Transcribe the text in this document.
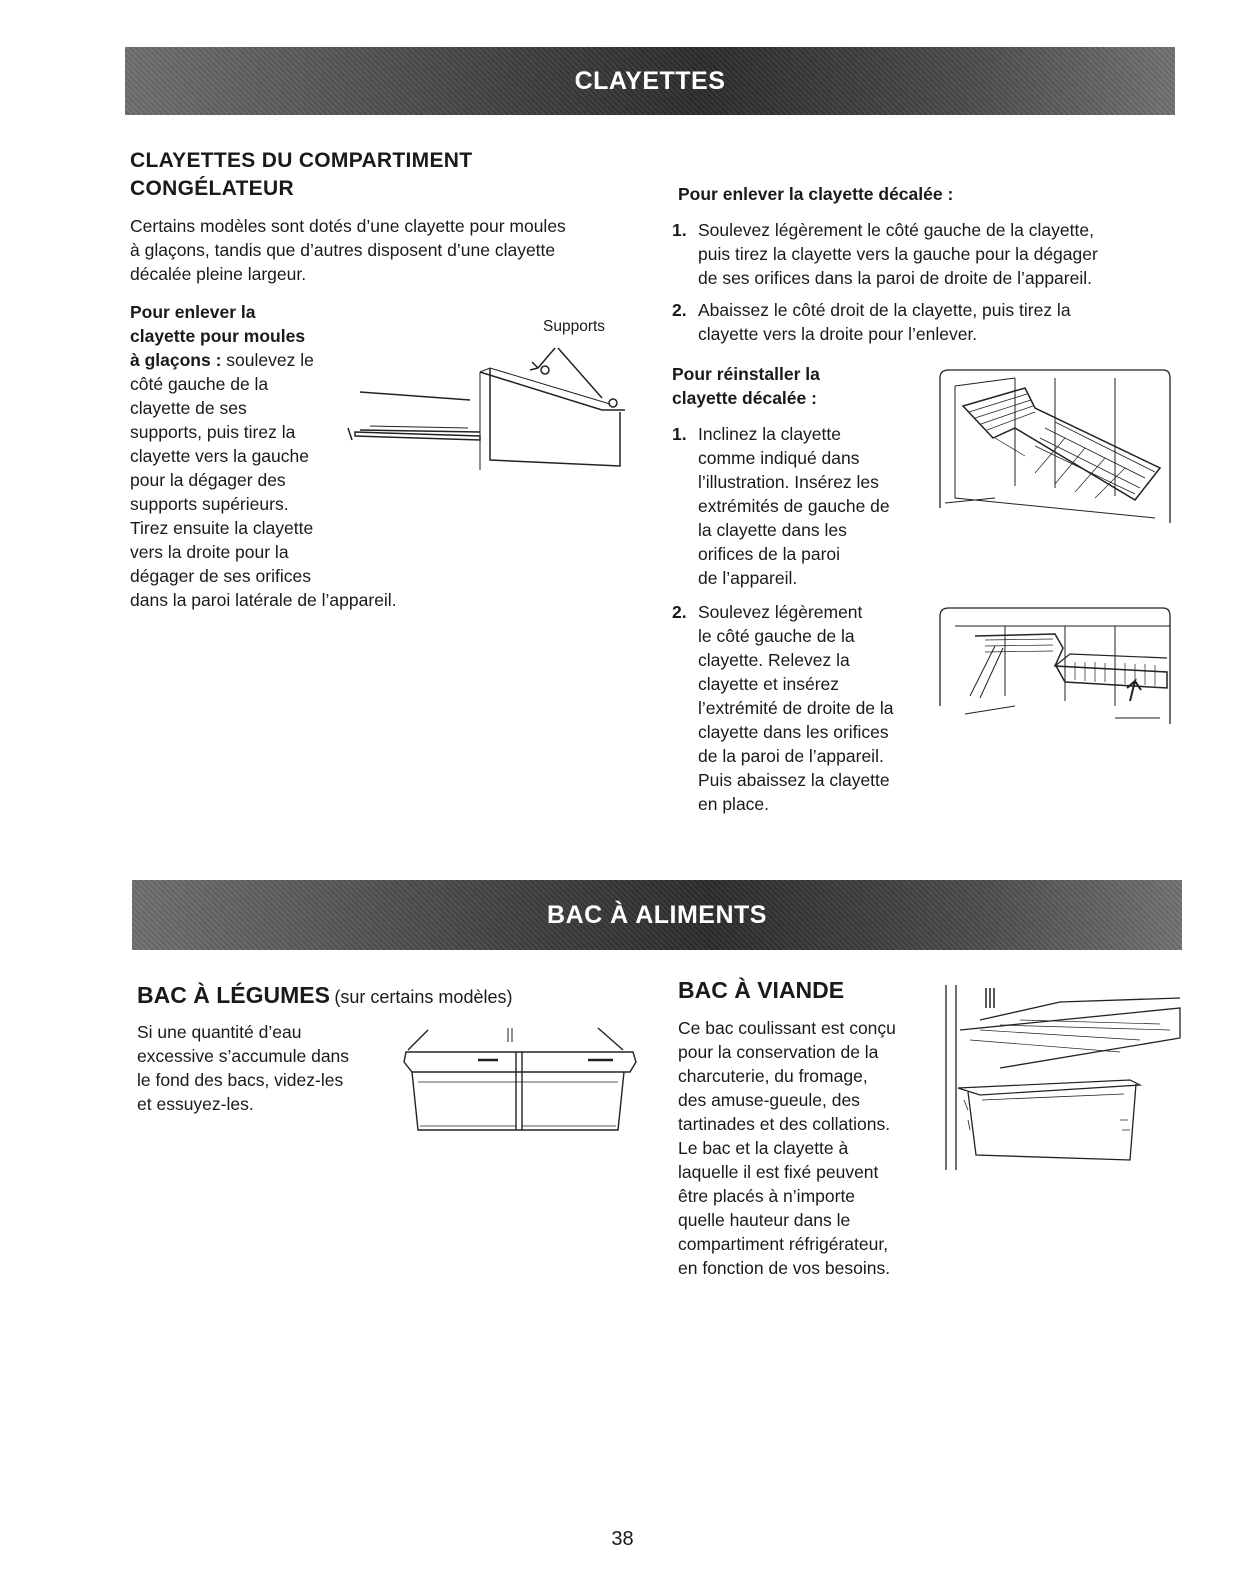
CLAYETTES
CLAYETTES DU COMPARTIMENT
CONGÉLATEUR

Certains modèles sont dotés d’une clayette pour moules

à glaçons, tandis que d’autres disposent d’une clayette

décalée pleine largeur.

Pour enlever la

clayette pour moules

à glaçons : soulevez le

côté gauche de la

clayette de ses

supports, puis tirez la

clayette vers la gauche

pour la dégager des

supports supérieurs.

Tirez ensuite la clayette

vers la droite pour la

dégager de ses orifices

dans la paroi latérale de l’appareil.

Supports
Pour enlever la clayette décalée :
1. Soulevez légèrement le côté gauche de la clayette,
puis tirez la clayette vers la gauche pour la dégager
de ses orifices dans la paroi de droite de l’appareil.
2. Abaissez le côté droit de la clayette, puis tirez la
clayette vers la droite pour l’enlever.

Pour réinstaller la

clayette décalée :

1. Inclinez la clayette
comme indiqué dans
l’illustration. Insérez les
extrémités de gauche de
la clayette dans les
orifices de la paroi
de l’appareil.
2. Soulevez légèrement
le côté gauche de la
clayette. Relevez la
clayette et insérez
l’extrémité de droite de la
clayette dans les orifices
de la paroi de l’appareil.
Puis abaissez la clayette
en place.
BAC À ALIMENTS
BAC À LÉGUMES (sur certains modèles)

Si une quantité d’eau

excessive s’accumule dans

le fond des bacs, videz-les

et essuyez-les.

BAC À VIANDE

Ce bac coulissant est conçu

pour la conservation de la

charcuterie, du fromage,

des amuse-gueule, des

tartinades et des collations.

Le bac et la clayette à

laquelle il est fixé peuvent

être placés à n’importe

quelle hauteur dans le

compartiment réfrigérateur,

en fonction de vos besoins.

38
